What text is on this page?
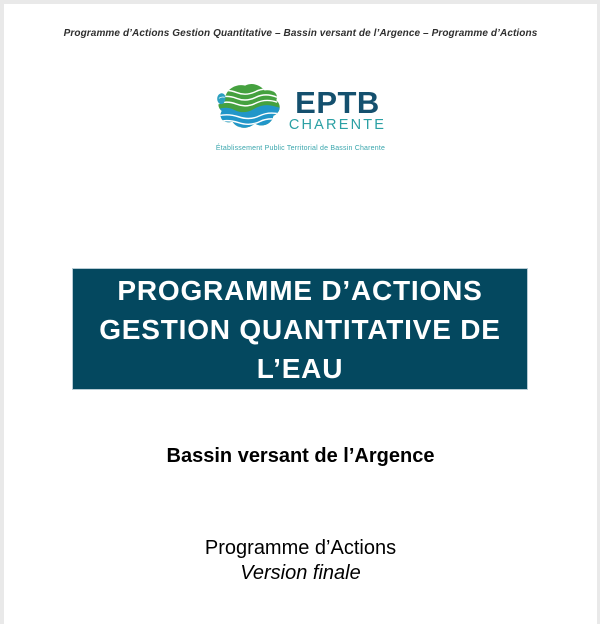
Programme d’Actions Gestion Quantitative – Bassin versant de l’Argence – Programme d’Actions
EPTB
CHARENTE
Établissement Public Territorial de Bassin Charente
PROGRAMME D’ACTIONS
GESTION QUANTITATIVE DE
L’EAU
Bassin versant de l’Argence
Programme d’Actions
Version finale
